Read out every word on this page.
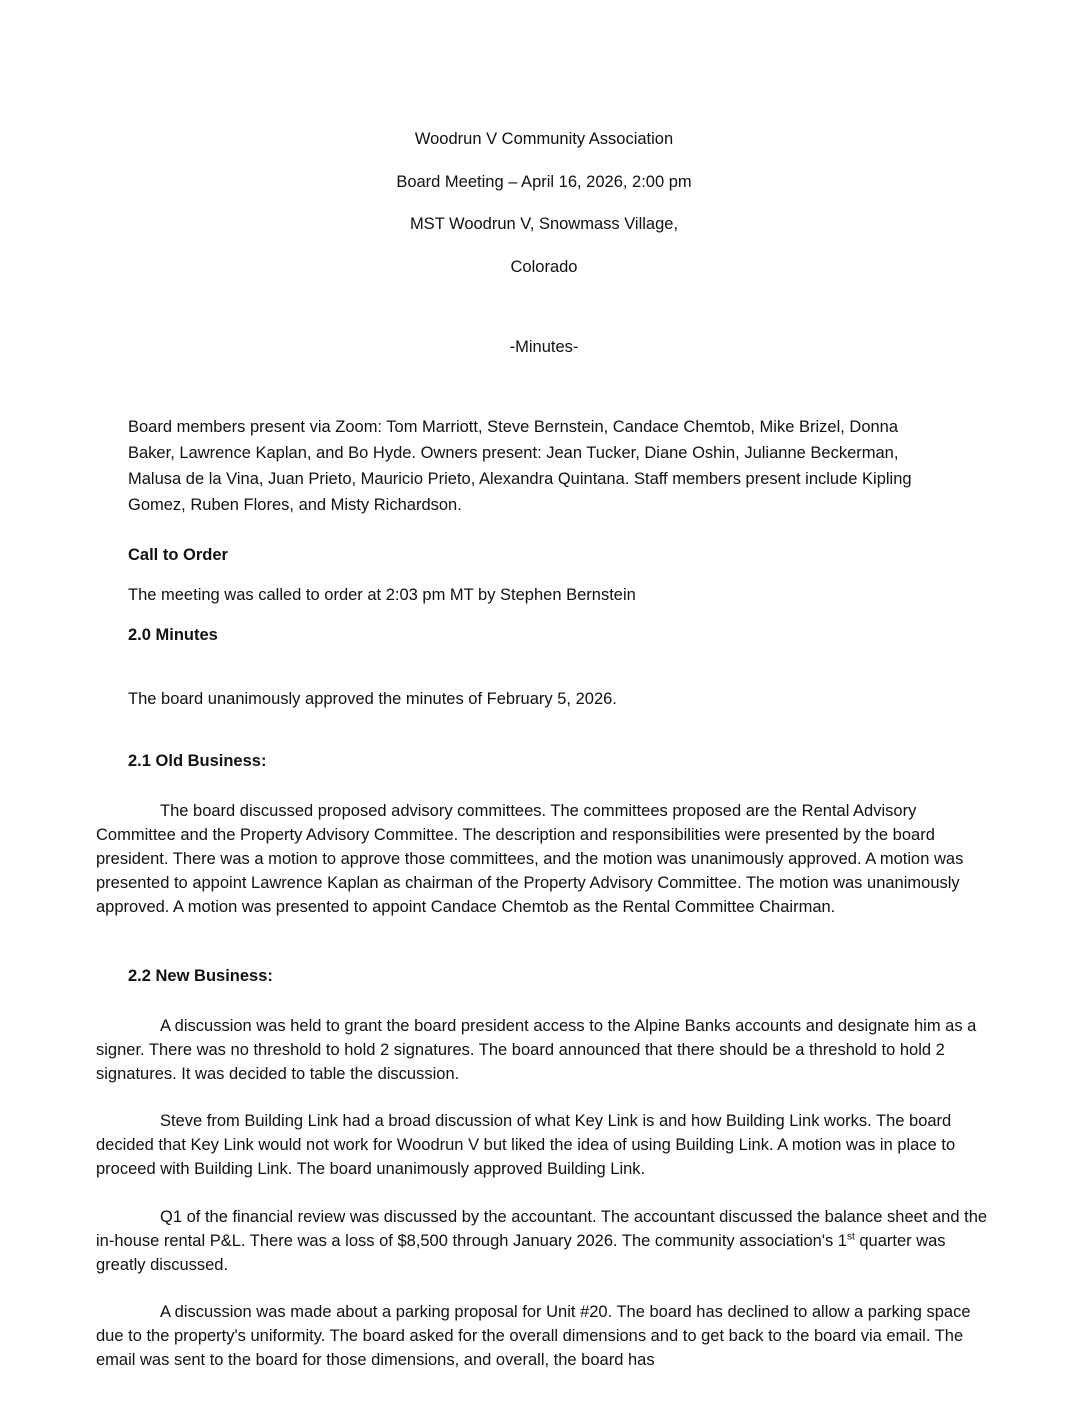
Woodrun V Community Association
Board Meeting – April 16, 2026, 2:00 pm
MST Woodrun V, Snowmass Village,
Colorado
-Minutes-

Board members present via Zoom: Tom Marriott, Steve Bernstein, Candace Chemtob, Mike Brizel, Donna Baker, Lawrence Kaplan, and Bo Hyde. Owners present: Jean Tucker, Diane Oshin, Julianne Beckerman, Malusa de la Vina, Juan Prieto, Mauricio Prieto, Alexandra Quintana. Staff members present include Kipling Gomez, Ruben Flores, and Misty Richardson.

Call to Order
The meeting was called to order at 2:03 pm MT by Stephen Bernstein
2.0 Minutes
The board unanimously approved the minutes of February 5, 2026.
2.1 Old Business:

The board discussed proposed advisory committees. The committees proposed are the Rental Advisory Committee and the Property Advisory Committee. The description and responsibilities were presented by the board president. There was a motion to approve those committees, and the motion was unanimously approved. A motion was presented to appoint Lawrence Kaplan as chairman of the Property Advisory Committee. The motion was unanimously approved. A motion was presented to appoint Candace Chemtob as the Rental Committee Chairman.

2.2 New Business:

A discussion was held to grant the board president access to the Alpine Banks accounts and designate him as a signer. There was no threshold to hold 2 signatures. The board announced that there should be a threshold to hold 2 signatures. It was decided to table the discussion.

Steve from Building Link had a broad discussion of what Key Link is and how Building Link works. The board decided that Key Link would not work for Woodrun V but liked the idea of using Building Link. A motion was in place to proceed with Building Link. The board unanimously approved Building Link.

Q1 of the financial review was discussed by the accountant. The accountant discussed the balance sheet and the in-house rental P&L. There was a loss of $8,500 through January 2026. The community association's 1st quarter was greatly discussed.

A discussion was made about a parking proposal for Unit #20. The board has declined to allow a parking space due to the property's uniformity. The board asked for the overall dimensions and to get back to the board via email. The email was sent to the board for those dimensions, and overall, the board has
